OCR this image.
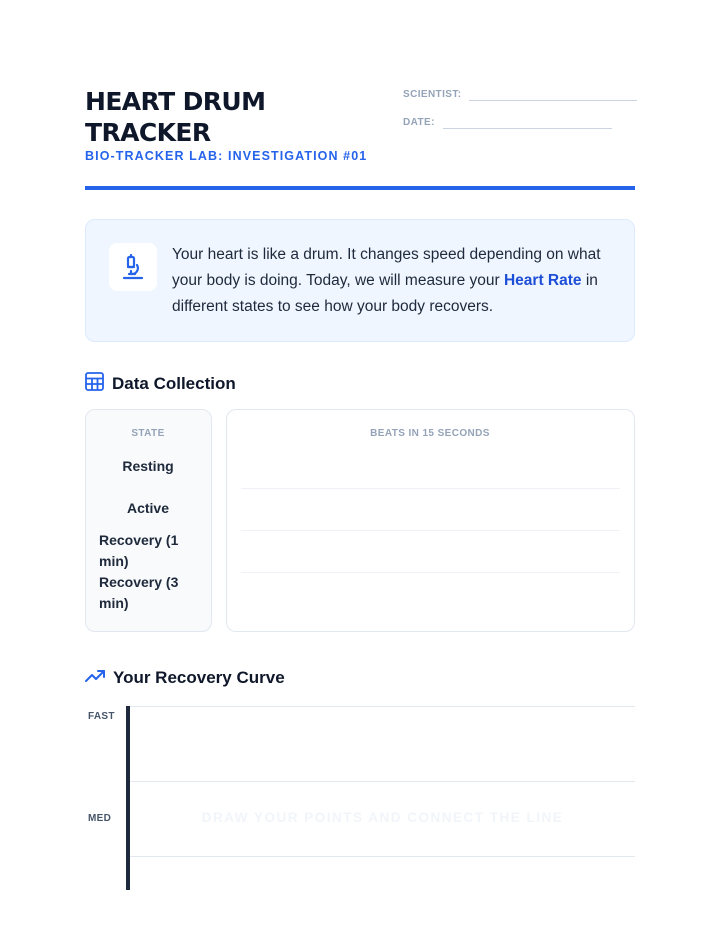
HEART DRUM TRACKER
BIO-TRACKER LAB: INVESTIGATION #01
SCIENTIST:
DATE:

Your heart is like a drum. It changes speed depending on what your body is doing. Today, we will measure your Heart Rate in different states to see how your body recovers.

Data Collection
STATE
Resting
Active
Recovery (1 min)
Recovery (3 min)
BEATS IN 15 SECONDS
Your Recovery Curve
FAST
MED	DRAW YOUR POINTS AND CONNECT THE LINE
